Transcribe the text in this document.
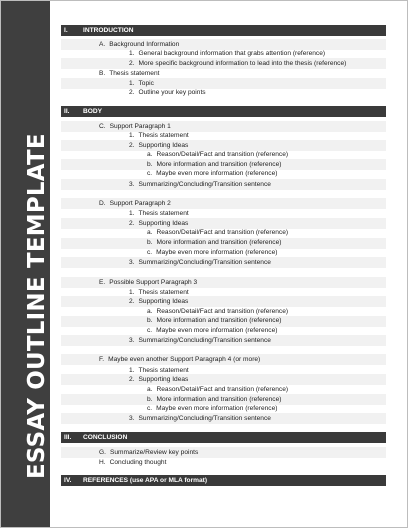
ESSAY OUTLINE TEMPLATE
I. INTRODUCTION
A. Background Information
1. General background information that grabs attention (reference)
2. More specific background information to lead into the thesis (reference)
B. Thesis statement
1. Topic
2. Outline your key points
II. BODY
C. Support Paragraph 1
1. Thesis statement
2. Supporting Ideas
a. Reason/Detail/Fact and transition (reference)
b. More information and transition (reference)
c. Maybe even more information (reference)
3. Summarizing/Concluding/Transition sentence
D. Support Paragraph 2
1. Thesis statement
2. Supporting Ideas
a. Reason/Detail/Fact and transition (reference)
b. More information and transition (reference)
c. Maybe even more information (reference)
3. Summarizing/Concluding/Transition sentence
E. Possible Support Paragraph 3
1. Thesis statement
2. Supporting Ideas
a. Reason/Detail/Fact and transition (reference)
b. More information and transition (reference)
c. Maybe even more information (reference)
3. Summarizing/Concluding/Transition sentence
F. Maybe even another Support Paragraph 4 (or more)
1. Thesis statement
2. Supporting Ideas
a. Reason/Detail/Fact and transition (reference)
b. More information and transition (reference)
c. Maybe even more information (reference)
3. Summarizing/Concluding/Transition sentence
III. CONCLUSION
G. Summarize/Review key points
H. Concluding thought
IV. REFERENCES (use APA or MLA format)
